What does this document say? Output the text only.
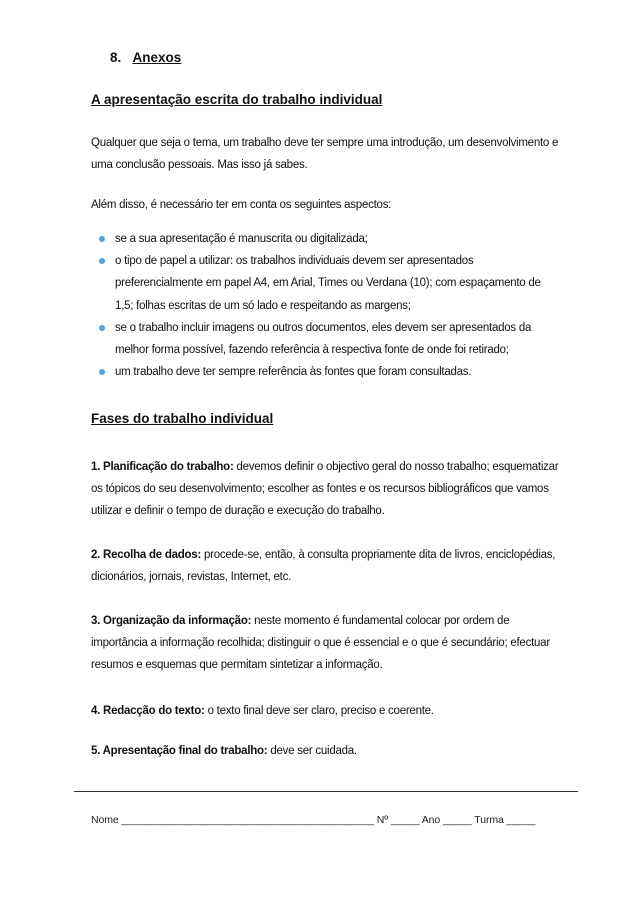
8. Anexos
A apresentação escrita do trabalho individual

Qualquer que seja o tema, um trabalho deve ter sempre uma introdução, um desenvolvimento e uma conclusão pessoais. Mas isso já sabes.

Além disso, é necessário ter em conta os seguintes aspectos:

se a sua apresentação é manuscrita ou digitalizada;
o tipo de papel a utilizar: os trabalhos individuais devem ser apresentados preferencialmente em papel A4, em Arial, Times ou Verdana (10); com espaçamento de 1,5; folhas escritas de um só lado e respeitando as margens;
se o trabalho incluir imagens ou outros documentos, eles devem ser apresentados da melhor forma possível, fazendo referência à respectiva fonte de onde foi retirado;
um trabalho deve ter sempre referência às fontes que foram consultadas.
Fases do trabalho individual

1. Planificação do trabalho: devemos definir o objectivo geral do nosso trabalho; esquematizar os tópicos do seu desenvolvimento; escolher as fontes e os recursos bibliográficos que vamos utilizar e definir o tempo de duração e execução do trabalho.

2. Recolha de dados: procede-se, então, à consulta propriamente dita de livros, enciclopédias, dicionários, jornais, revistas, Internet, etc.

3. Organização da informação: neste momento é fundamental colocar por ordem de importância a informação recolhida; distinguir o que é essencial e o que é secundário; efectuar resumos e esquemas que permitam sintetizar a informação.

4. Redacção do texto: o texto final deve ser claro, preciso e coerente.

5. Apresentação final do trabalho: deve ser cuidada.

Nome ____________________________________________ Nº _____ Ano _____ Turma _____
